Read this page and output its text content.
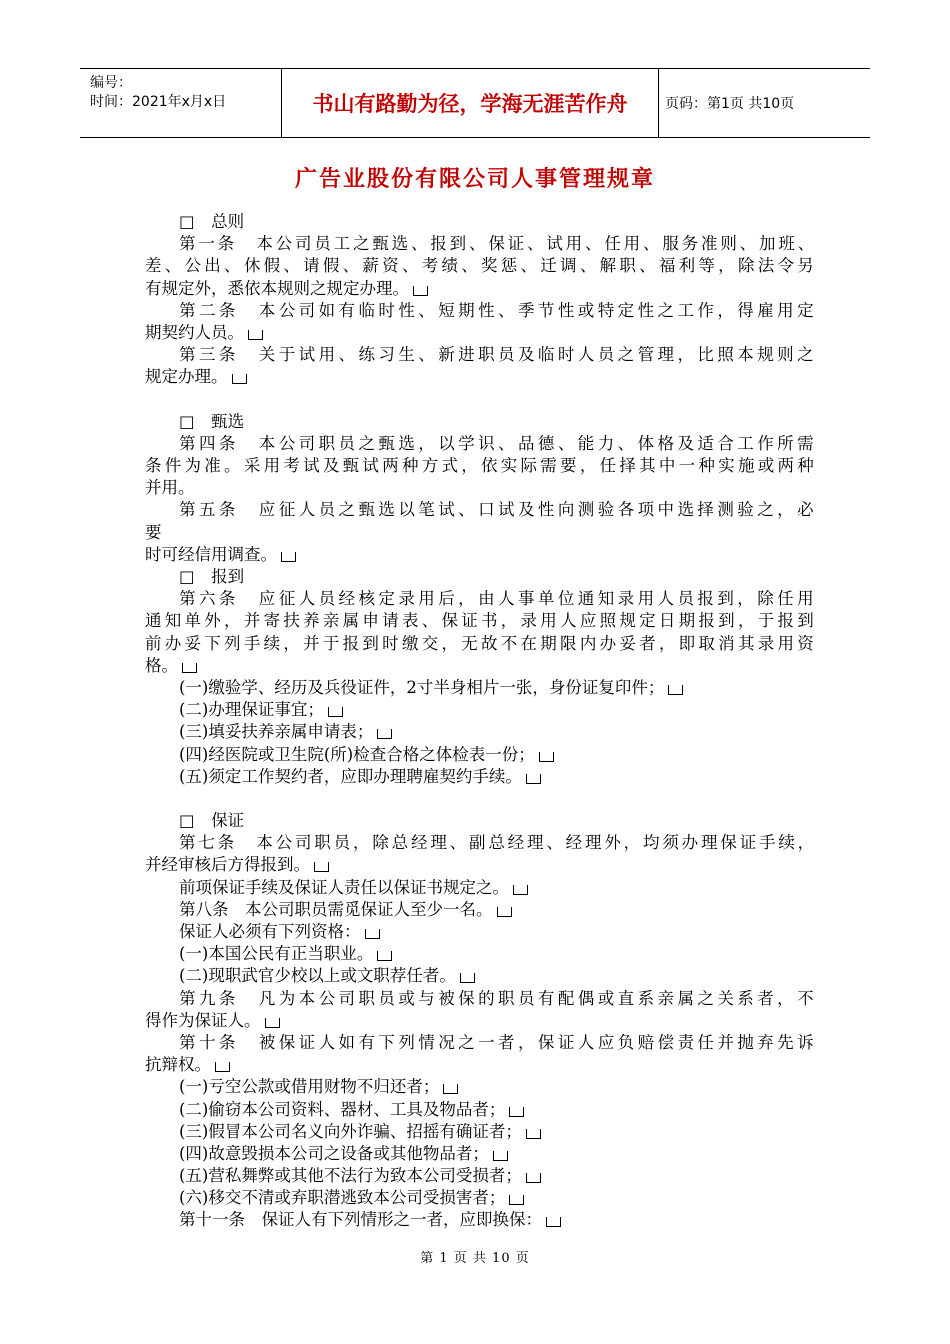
编号：
时间：2021年x月x日	书山有路勤为径，学海无涯苦作舟	页码：第1页 共10页
广告业股份有限公司人事管理规章
□　总则
第一条　本公司员工之甄选、报到、保证、试用、任用、服务准则、加班、
差、公出、休假、请假、薪资、考绩、奖惩、迁调、解职、福利等，除法令另
有规定外，悉依本规则之规定办理。
第二条　本公司如有临时性、短期性、季节性或特定性之工作，得雇用定
期契约人员。
第三条　关于试用、练习生、新进职员及临时人员之管理，比照本规则之
规定办理。
□　甄选
第四条　本公司职员之甄选，以学识、品德、能力、体格及适合工作所需
条件为准。采用考试及甄试两种方式，依实际需要，任择其中一种实施或两种
并用。
第五条　应征人员之甄选以笔试、口试及性向测验各项中选择测验之，必
要
时可经信用调查。
□　报到
第六条　应征人员经核定录用后，由人事单位通知录用人员报到，除任用
通知单外，并寄扶养亲属申请表、保证书，录用人应照规定日期报到，于报到
前办妥下列手续，并于报到时缴交，无故不在期限内办妥者，即取消其录用资
格。
(一)缴验学、经历及兵役证件，2寸半身相片一张，身份证复印件；
(二)办理保证事宜；
(三)填妥扶养亲属申请表；
(四)经医院或卫生院(所)检查合格之体检表一份；
(五)须定工作契约者，应即办理聘雇契约手续。
□　保证
第七条　本公司职员，除总经理、副总经理、经理外，均须办理保证手续，
并经审核后方得报到。
前项保证手续及保证人责任以保证书规定之。
第八条　本公司职员需觅保证人至少一名。
保证人必须有下列资格：
(一)本国公民有正当职业。
(二)现职武官少校以上或文职荐任者。
第九条　凡为本公司职员或与被保的职员有配偶或直系亲属之关系者，不
得作为保证人。
第十条　被保证人如有下列情况之一者，保证人应负赔偿责任并抛弃先诉
抗辩权。
(一)亏空公款或借用财物不归还者；
(二)偷窃本公司资料、器材、工具及物品者；
(三)假冒本公司名义向外诈骗、招摇有确证者；
(四)故意毁损本公司之设备或其他物品者；
(五)营私舞弊或其他不法行为致本公司受损者；
(六)移交不清或弃职潜逃致本公司受损害者；
第十一条　保证人有下列情形之一者，应即换保：
第 1 页 共 10 页
